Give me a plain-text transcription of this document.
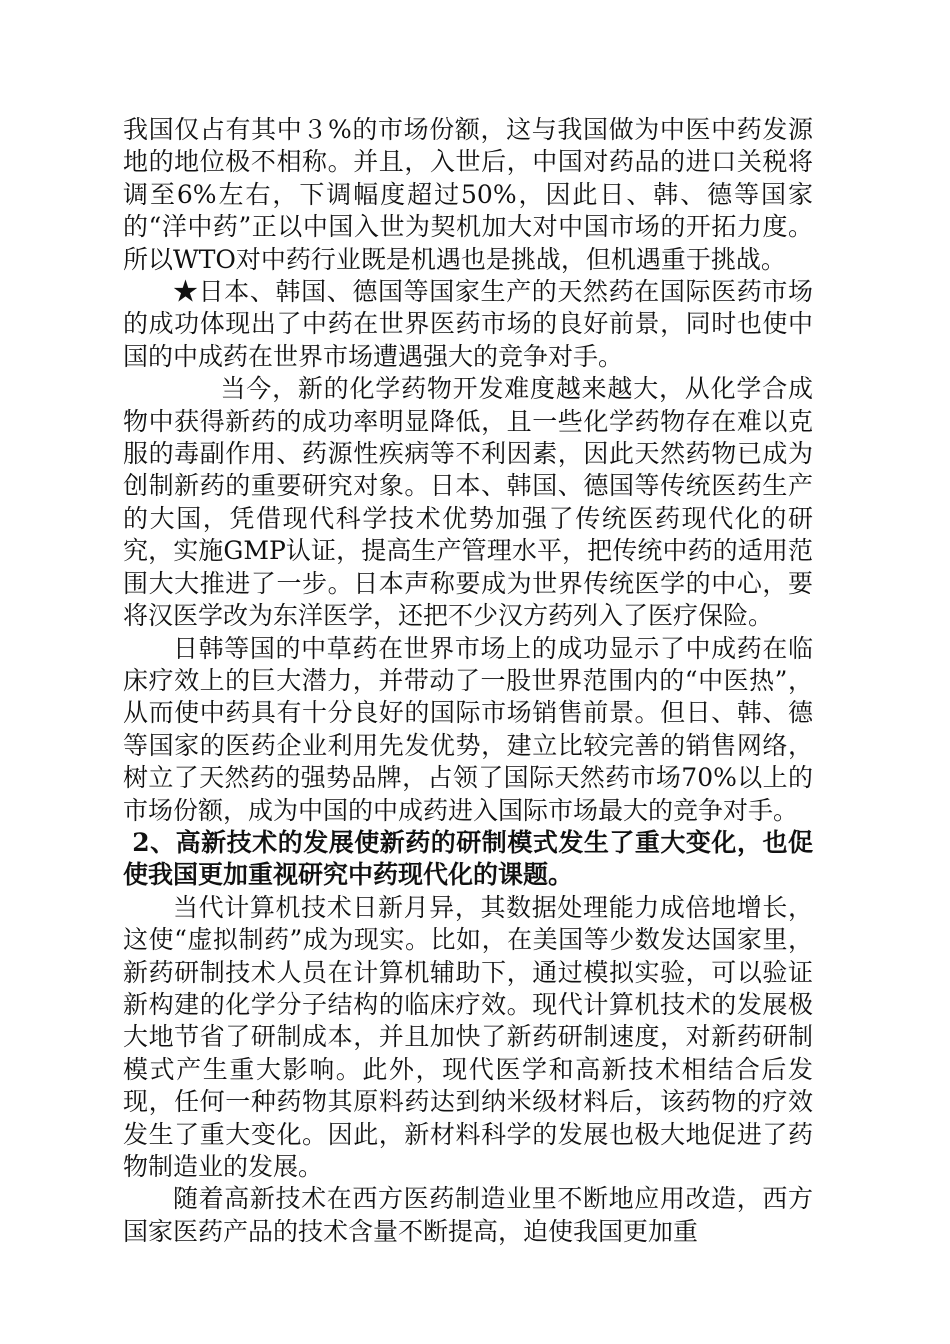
我国仅占有其中３%的市场份额，这与我国做为中医中药发源地的地位极不相称。并且，入世后，中国对药品的进口关税将调至6%左右，下调幅度超过50%，因此日、韩、德等国家的“洋中药”正以中国入世为契机加大对中国市场的开拓力度。所以WTO对中药行业既是机遇也是挑战，但机遇重于挑战。

★日本、韩国、德国等国家生产的天然药在国际医药市场的成功体现出了中药在世界医药市场的良好前景，同时也使中国的中成药在世界市场遭遇强大的竞争对手。

当今，新的化学药物开发难度越来越大，从化学合成物中获得新药的成功率明显降低，且一些化学药物存在难以克服的毒副作用、药源性疾病等不利因素，因此天然药物已成为创制新药的重要研究对象。日本、韩国、德国等传统医药生产的大国，凭借现代科学技术优势加强了传统医药现代化的研究，实施GMP认证，提高生产管理水平，把传统中药的适用范围大大推进了一步。日本声称要成为世界传统医学的中心，要将汉医学改为东洋医学，还把不少汉方药列入了医疗保险。

日韩等国的中草药在世界市场上的成功显示了中成药在临床疗效上的巨大潜力，并带动了一股世界范围内的“中医热”，从而使中药具有十分良好的国际市场销售前景。但日、韩、德等国家的医药企业利用先发优势，建立比较完善的销售网络，树立了天然药的强势品牌，占领了国际天然药市场70%以上的市场份额，成为中国的中成药进入国际市场最大的竞争对手。

2、高新技术的发展使新药的研制模式发生了重大变化，也促使我国更加重视研究中药现代化的课题。

当代计算机技术日新月异，其数据处理能力成倍地增长，这使“虚拟制药”成为现实。比如，在美国等少数发达国家里，新药研制技术人员在计算机辅助下，通过模拟实验，可以验证新构建的化学分子结构的临床疗效。现代计算机技术的发展极大地节省了研制成本，并且加快了新药研制速度，对新药研制模式产生重大影响。此外，现代医学和高新技术相结合后发现，任何一种药物其原料药达到纳米级材料后，该药物的疗效发生了重大变化。因此，新材料科学的发展也极大地促进了药物制造业的发展。

随着高新技术在西方医药制造业里不断地应用改造，西方国家医药产品的技术含量不断提高，迫使我国更加重
